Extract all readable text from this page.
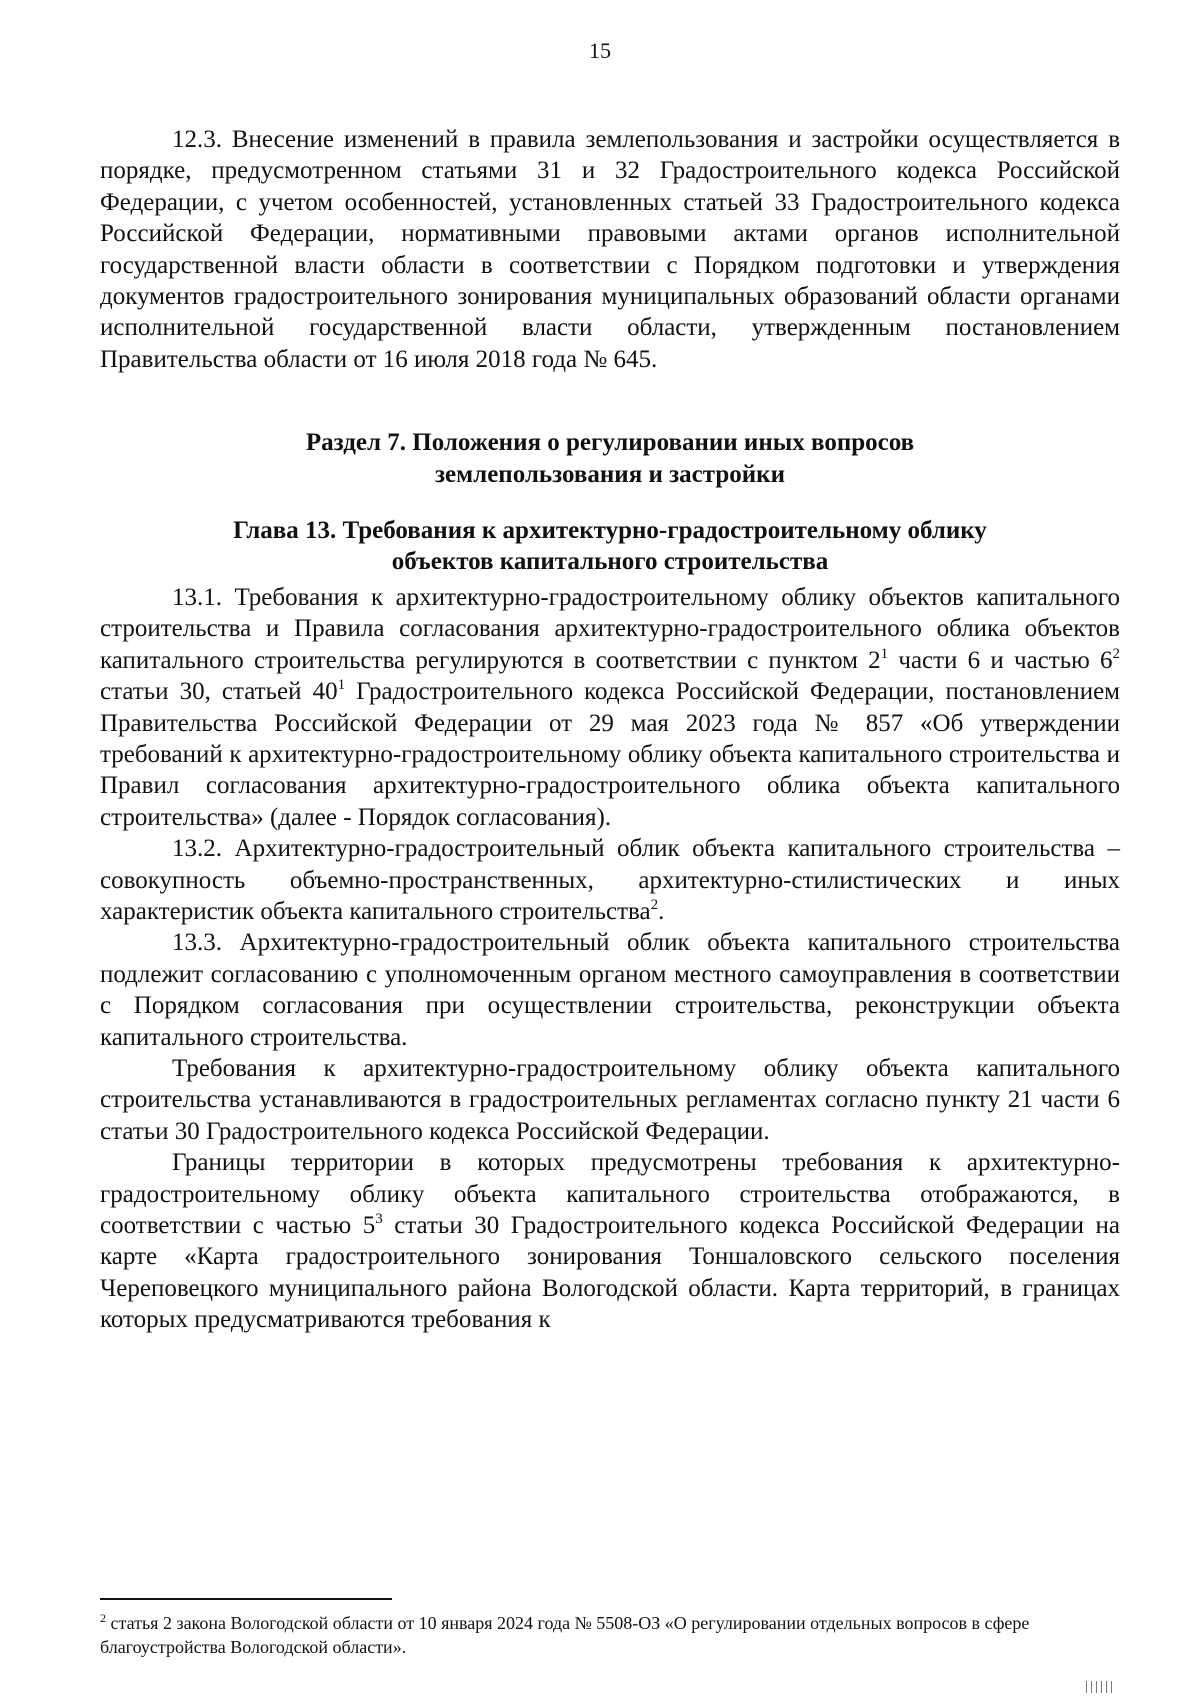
15

12.3. Внесение изменений в правила землепользования и застройки осуществляется в порядке, предусмотренном статьями 31 и 32 Градостроительного кодекса Российской Федерации, с учетом особенностей, установленных статьей 33 Градостроительного кодекса Российской Федерации, нормативными правовыми актами органов исполнительной государственной власти области в соответствии с Порядком подготовки и утверждения документов градостроительного зонирования муниципальных образований области органами исполнительной государственной власти области, утвержденным постановлением Правительства области от 16 июля 2018 года № 645.

Раздел 7. Положения о регулировании иных вопросов
землепользования и застройки
Глава 13. Требования к архитектурно-градостроительному облику
объектов капитального строительства

13.1. Требования к архитектурно-градостроительному облику объектов капитального строительства и Правила согласования архитектурно-градостроительного облика объектов капитального строительства регулируются в соответствии с пунктом $2^1$ части 6 и частью $6^2$ статьи 30, статьей $40^1$ Градостроительного кодекса Российской Федерации, постановлением Правительства Российской Федерации от 29 мая 2023 года № 857 «Об утверждении требований к архитектурно-градостроительному облику объекта капитального строительства и Правил согласования архитектурно-градостроительного облика объекта капитального строительства» (далее - Порядок согласования).

13.2. Архитектурно-градостроительный облик объекта капитального строительства – совокупность объемно-пространственных, архитектурно-стилистических и иных характеристик объекта капитального строительства$^2$.

13.3. Архитектурно-градостроительный облик объекта капитального строительства подлежит согласованию с уполномоченным органом местного самоуправления в соответствии с Порядком согласования при осуществлении строительства, реконструкции объекта капитального строительства.

Требования к архитектурно-градостроительному облику объекта капитального строительства устанавливаются в градостроительных регламентах согласно пункту 21 части 6 статьи 30 Градостроительного кодекса Российской Федерации.

Границы территории в которых предусмотрены требования к архитектурно-градостроительному облику объекта капитального строительства отображаются, в соответствии с частью $5^3$ статьи 30 Градостроительного кодекса Российской Федерации на карте «Карта градостроительного зонирования Тоншаловского сельского поселения Череповецкого муниципального района Вологодской области. Карта территорий, в границах которых предусматриваются требования к

$^2$ статья 2 закона Вологодской области от 10 января 2024 года № 5508-ОЗ «О регулировании отдельных вопросов в сфере благоустройства Вологодской области».
